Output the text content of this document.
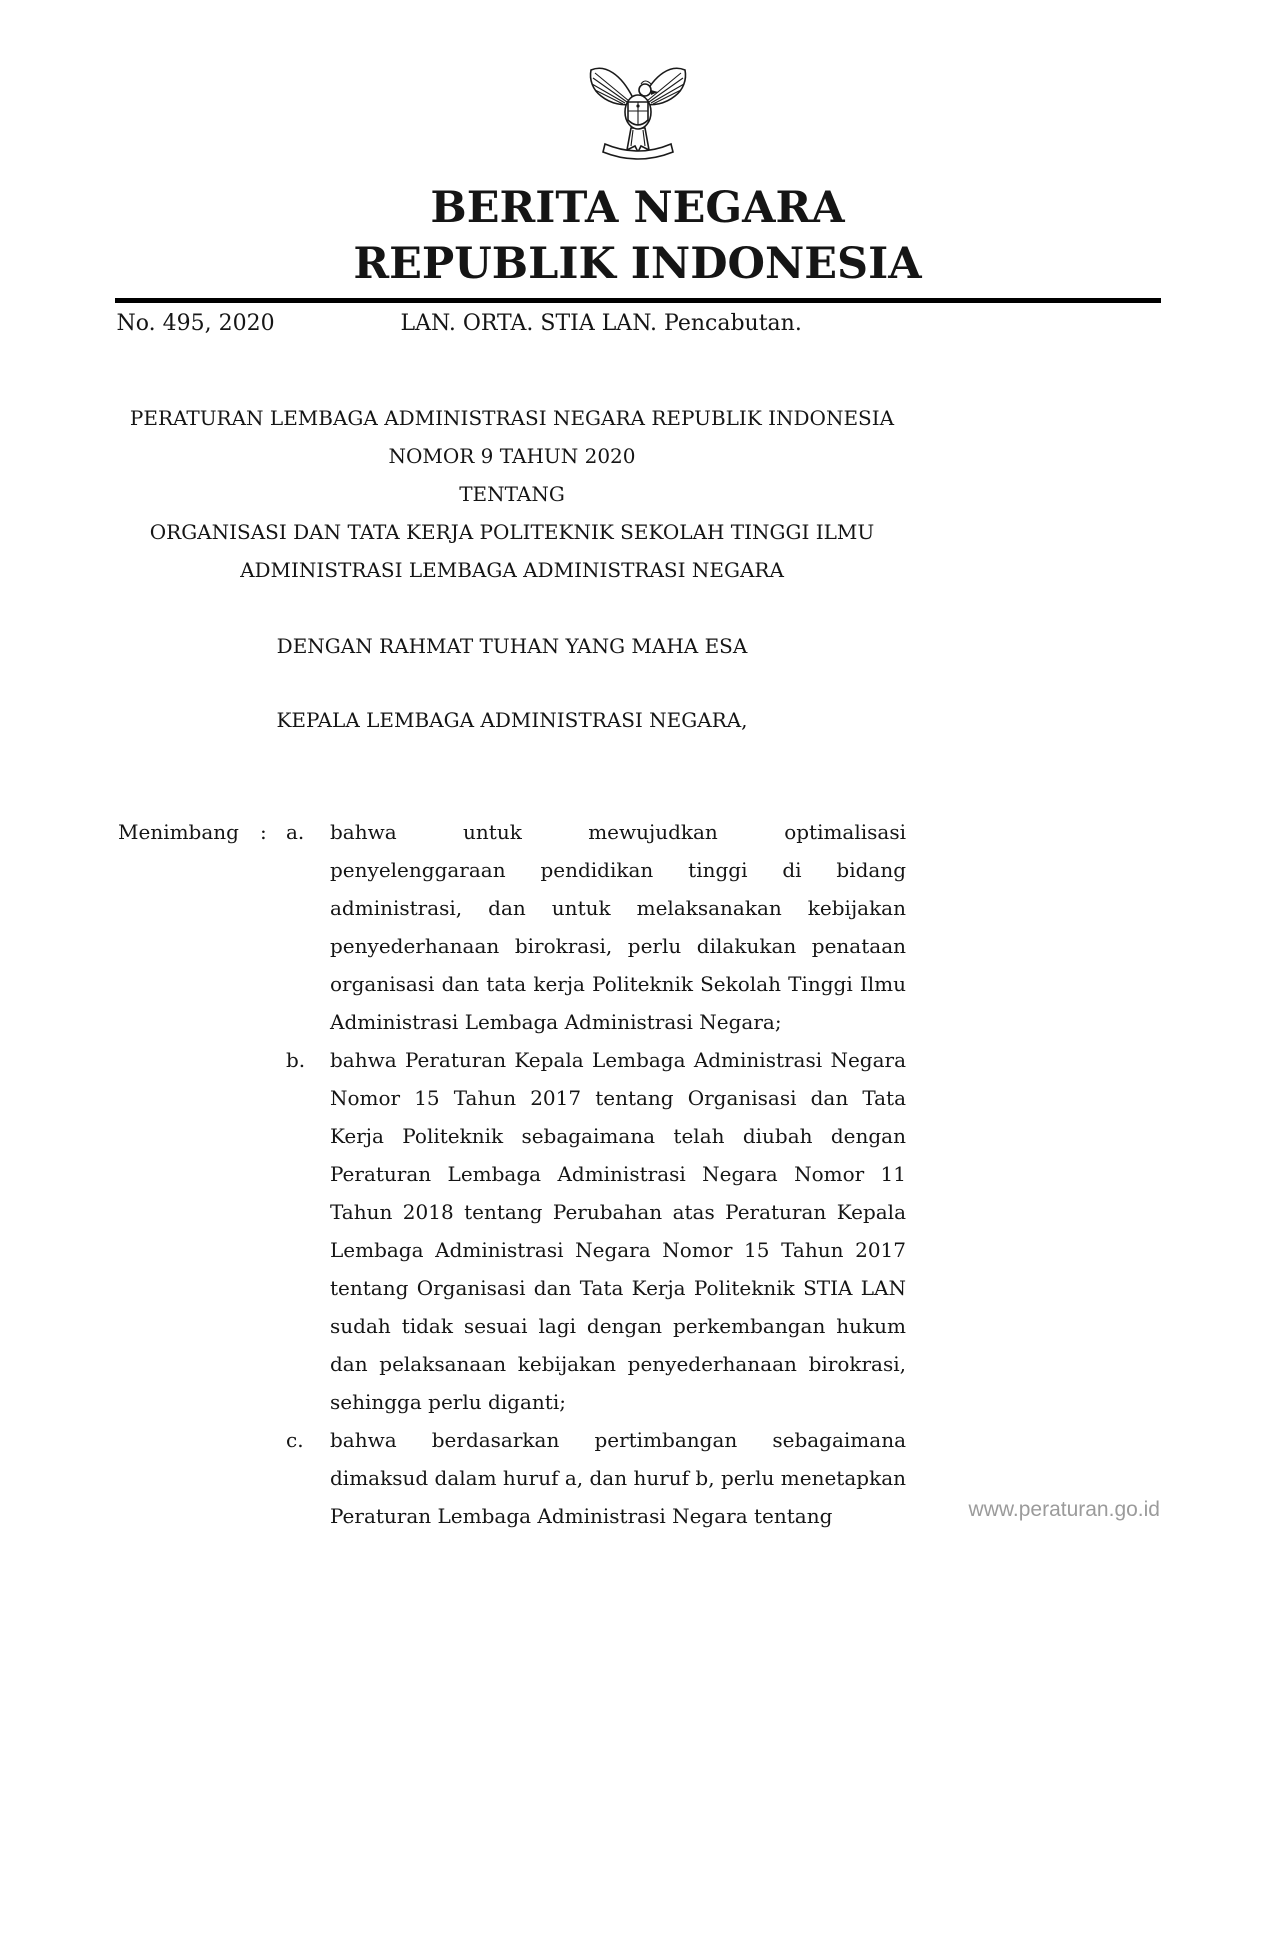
BERITA NEGARA
REPUBLIK INDONESIA
No. 495, 2020	LAN. ORTA. STIA LAN. Pencabutan.
PERATURAN LEMBAGA ADMINISTRASI NEGARA REPUBLIK INDONESIA
NOMOR 9 TAHUN 2020
TENTANG
ORGANISASI DAN TATA KERJA POLITEKNIK SEKOLAH TINGGI ILMU
ADMINISTRASI LEMBAGA ADMINISTRASI NEGARA
DENGAN RAHMAT TUHAN YANG MAHA ESA
KEPALA LEMBAGA ADMINISTRASI NEGARA,
Menimbang	: a.	bahwa untuk mewujudkan optimalisasi penyelenggaraan pendidikan tinggi di bidang administrasi, dan untuk melaksanakan kebijakan penyederhanaan birokrasi, perlu dilakukan penataan organisasi dan tata kerja Politeknik Sekolah Tinggi Ilmu Administrasi Lembaga Administrasi Negara;
b.	bahwa Peraturan Kepala Lembaga Administrasi Negara Nomor 15 Tahun 2017 tentang Organisasi dan Tata Kerja Politeknik sebagaimana telah diubah dengan Peraturan Lembaga Administrasi Negara Nomor 11 Tahun 2018 tentang Perubahan atas Peraturan Kepala Lembaga Administrasi Negara Nomor 15 Tahun 2017 tentang Organisasi dan Tata Kerja Politeknik STIA LAN sudah tidak sesuai lagi dengan perkembangan hukum dan pelaksanaan kebijakan penyederhanaan birokrasi, sehingga perlu diganti;
c.	bahwa berdasarkan pertimbangan sebagaimana dimaksud dalam huruf a, dan huruf b, perlu menetapkan Peraturan Lembaga Administrasi Negara tentang	www.peraturan.go.id
